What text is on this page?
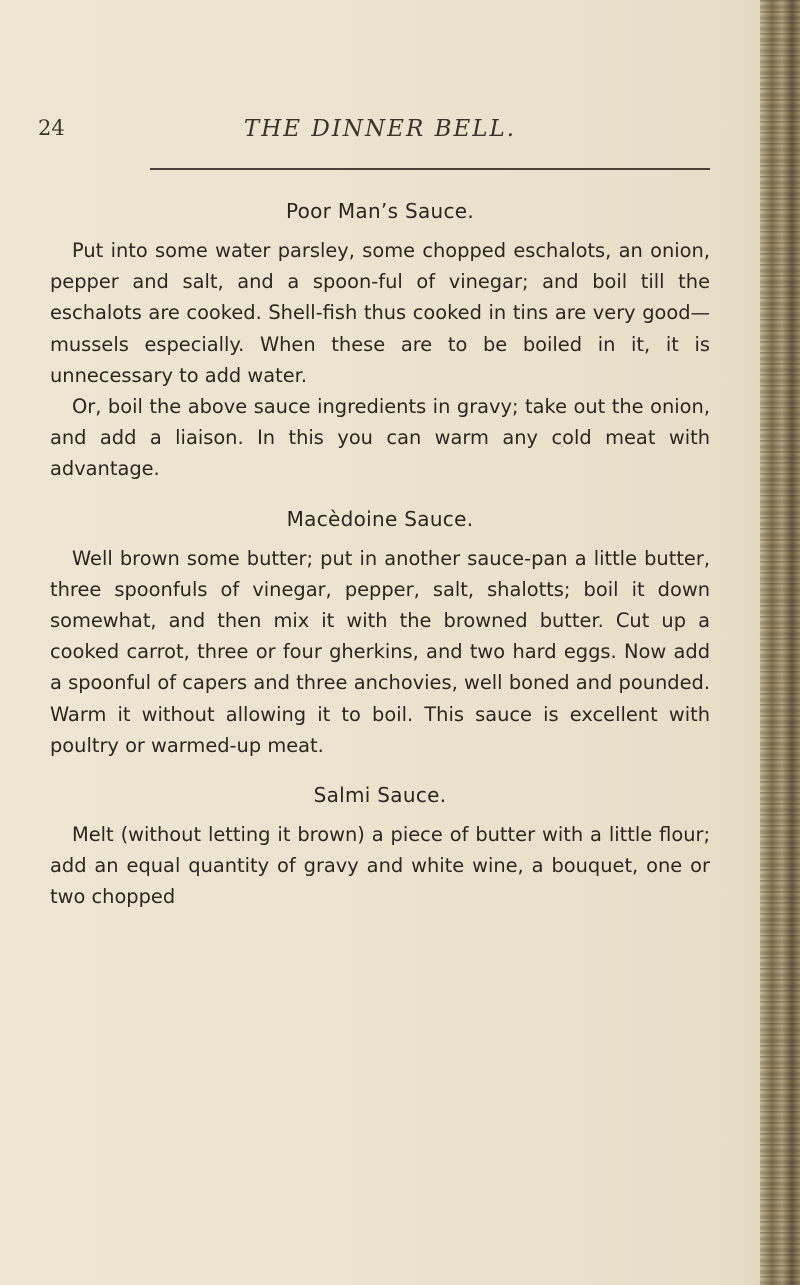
24	THE DINNER BELL.
Poor Man’s Sauce.

Put into some water parsley, some chopped eschalots, an onion, pepper and salt, and a spoon-ful of vinegar; and boil till the eschalots are cooked. Shell-fish thus cooked in tins are very good—mussels especially. When these are to be boiled in it, it is unnecessary to add water.

Or, boil the above sauce ingredients in gravy; take out the onion, and add a liaison. In this you can warm any cold meat with advantage.

Macèdoine Sauce.

Well brown some butter; put in another sauce-pan a little butter, three spoonfuls of vinegar, pepper, salt, shalotts; boil it down somewhat, and then mix it with the browned butter. Cut up a cooked carrot, three or four gherkins, and two hard eggs. Now add a spoonful of capers and three anchovies, well boned and pounded. Warm it without allowing it to boil. This sauce is excellent with poultry or warmed-up meat.

Salmi Sauce.

Melt (without letting it brown) a piece of butter with a little flour; add an equal quantity of gravy and white wine, a bouquet, one or two chopped
